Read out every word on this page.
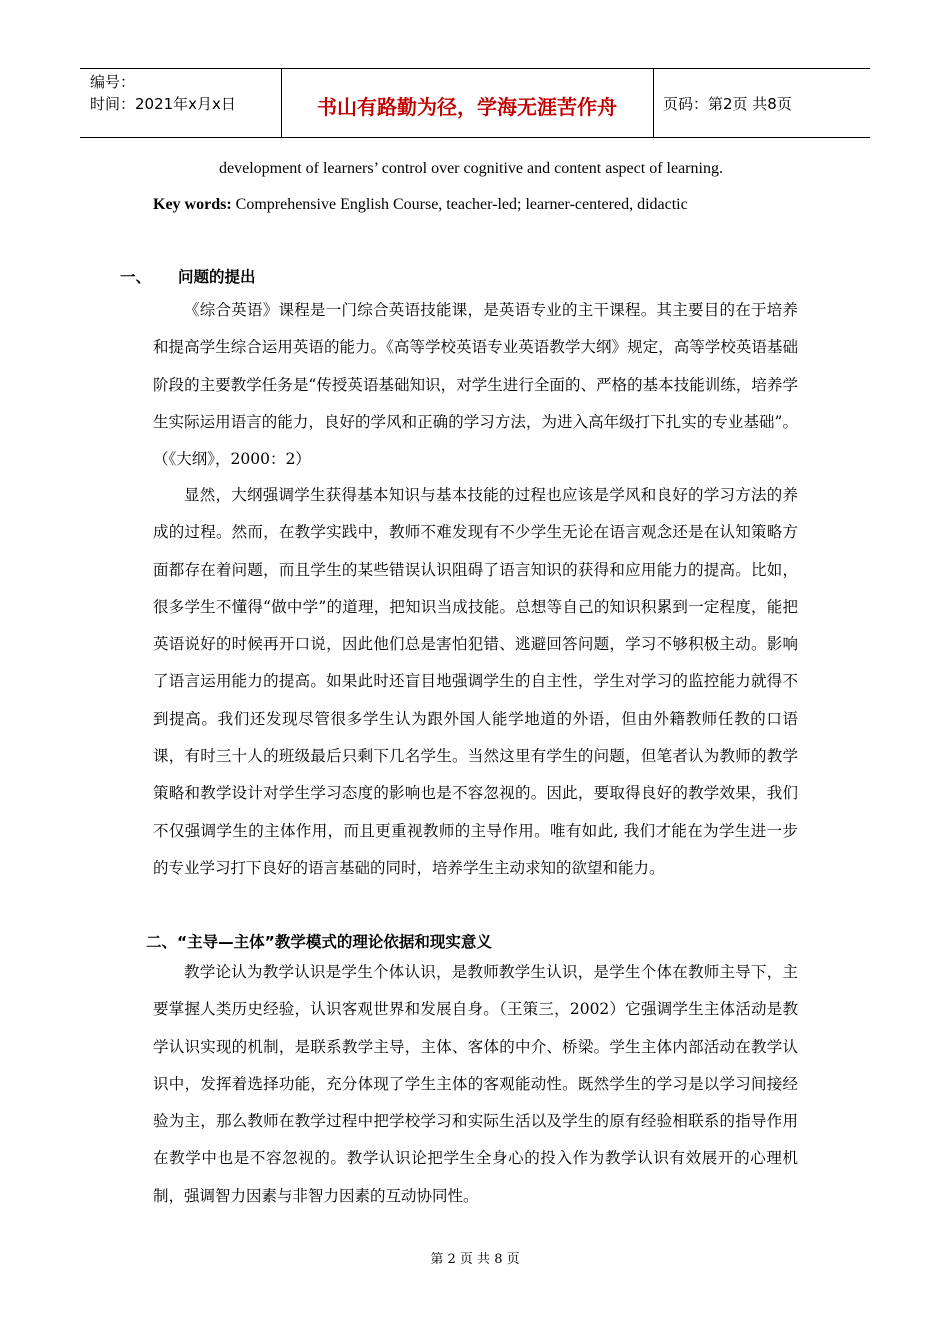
编号：
时间：2021年x月x日	书山有路勤为径，学海无涯苦作舟	页码：第2页 共8页
development of learners’ control over cognitive and content aspect of learning.
Key words: Comprehensive English Course, teacher-led; learner-centered, didactic
一、 问题的提出
《综合英语》课程是一门综合英语技能课，是英语专业的主干课程。其主要目的在于培养和提高学生综合运用英语的能力。《高等学校英语专业英语教学大纲》规定，高等学校英语基础阶段的主要教学任务是“传授英语基础知识，对学生进行全面的、严格的基本技能训练，培养学生实际运用语言的能力，良好的学风和正确的学习方法，为进入高年级打下扎实的专业基础”。（《大纲》，2000：2）
显然，大纲强调学生获得基本知识与基本技能的过程也应该是学风和良好的学习方法的养成的过程。然而，在教学实践中，教师不难发现有不少学生无论在语言观念还是在认知策略方面都存在着问题，而且学生的某些错误认识阻碍了语言知识的获得和应用能力的提高。比如，很多学生不懂得“做中学”的道理，把知识当成技能。总想等自己的知识积累到一定程度，能把英语说好的时候再开口说，因此他们总是害怕犯错、逃避回答问题，学习不够积极主动。影响了语言运用能力的提高。如果此时还盲目地强调学生的自主性，学生对学习的监控能力就得不到提高。我们还发现尽管很多学生认为跟外国人能学地道的外语，但由外籍教师任教的口语课，有时三十人的班级最后只剩下几名学生。当然这里有学生的问题，但笔者认为教师的教学策略和教学设计对学生学习态度的影响也是不容忽视的。因此，要取得良好的教学效果，我们不仅强调学生的主体作用，而且更重视教师的主导作用。唯有如此, 我们才能在为学生进一步的专业学习打下良好的语言基础的同时，培养学生主动求知的欲望和能力。
二、“主导—主体”教学模式的理论依据和现实意义
教学论认为教学认识是学生个体认识，是教师教学生认识，是学生个体在教师主导下，主要掌握人类历史经验，认识客观世界和发展自身。（王策三，2002）它强调学生主体活动是教学认识实现的机制，是联系教学主导，主体、客体的中介、桥梁。学生主体内部活动在教学认识中，发挥着选择功能，充分体现了学生主体的客观能动性。既然学生的学习是以学习间接经验为主，那么教师在教学过程中把学校学习和实际生活以及学生的原有经验相联系的指导作用在教学中也是不容忽视的。教学认识论把学生全身心的投入作为教学认识有效展开的心理机制，强调智力因素与非智力因素的互动协同性。
第 2 页 共 8 页
